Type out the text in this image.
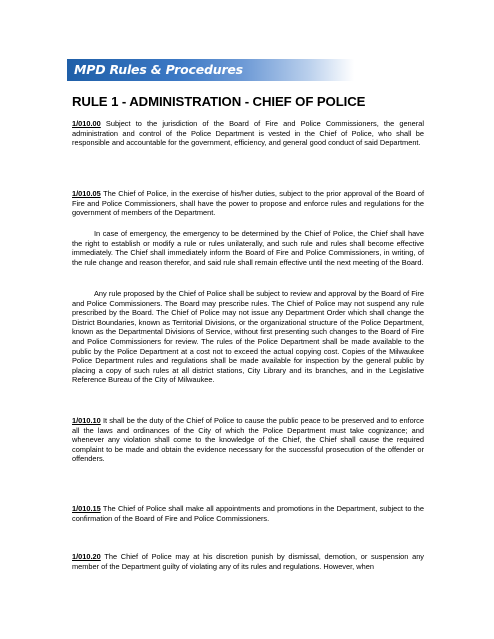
MPD Rules & Procedures
RULE 1 - ADMINISTRATION - CHIEF OF POLICE

1/010.00 Subject to the jurisdiction of the Board of Fire and Police Commissioners, the general administration and control of the Police Department is vested in the Chief of Police, who shall be responsible and accountable for the government, efficiency, and general good conduct of said Department.

1/010.05 The Chief of Police, in the exercise of his/her duties, subject to the prior approval of the Board of Fire and Police Commissioners, shall have the power to propose and enforce rules and regulations for the government of members of the Department.

In case of emergency, the emergency to be determined by the Chief of Police, the Chief shall have the right to establish or modify a rule or rules unilaterally, and such rule and rules shall become effective immediately. The Chief shall immediately inform the Board of Fire and Police Commissioners, in writing, of the rule change and reason therefor, and said rule shall remain effective until the next meeting of the Board.

Any rule proposed by the Chief of Police shall be subject to review and approval by the Board of Fire and Police Commissioners. The Board may prescribe rules. The Chief of Police may not suspend any rule prescribed by the Board. The Chief of Police may not issue any Department Order which shall change the District Boundaries, known as Territorial Divisions, or the organizational structure of the Police Department, known as the Departmental Divisions of Service, without first presenting such changes to the Board of Fire and Police Commissioners for review. The rules of the Police Department shall be made available to the public by the Police Department at a cost not to exceed the actual copying cost. Copies of the Milwaukee Police Department rules and regulations shall be made available for inspection by the general public by placing a copy of such rules at all district stations, City Library and its branches, and in the Legislative Reference Bureau of the City of Milwaukee.

1/010.10 It shall be the duty of the Chief of Police to cause the public peace to be preserved and to enforce all the laws and ordinances of the City of which the Police Department must take cognizance; and whenever any violation shall come to the knowledge of the Chief, the Chief shall cause the required complaint to be made and obtain the evidence necessary for the successful prosecution of the offender or offenders.

1/010.15 The Chief of Police shall make all appointments and promotions in the Department, subject to the confirmation of the Board of Fire and Police Commissioners.

1/010.20 The Chief of Police may at his discretion punish by dismissal, demotion, or suspension any member of the Department guilty of violating any of its rules and regulations. However, when
